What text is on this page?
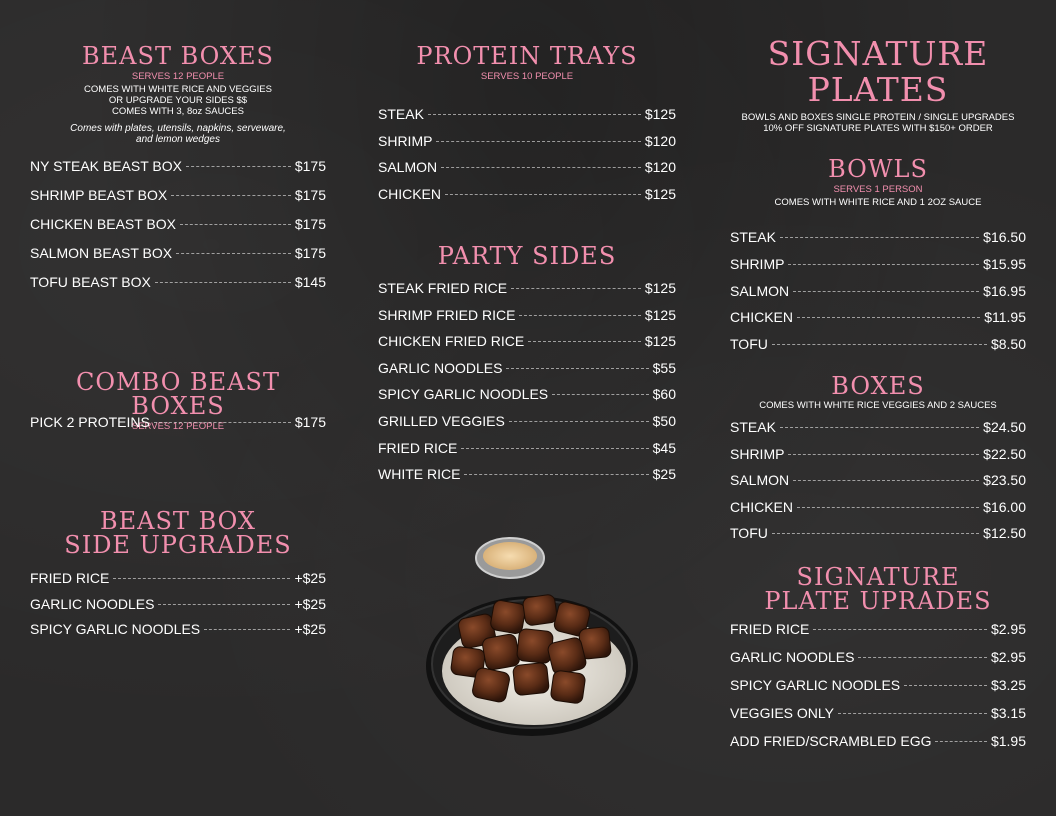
BEAST BOXES
SERVES 12 PEOPLE
COMES WITH WHITE RICE AND VEGGIES
OR UPGRADE YOUR SIDES $$
COMES WITH 3, 8oz SAUCES
Comes with plates, utensils, napkins, serveware, and lemon wedges
NY STEAK BEAST BOX	$175
SHRIMP BEAST BOX	$175
CHICKEN BEAST BOX	$175
SALMON BEAST BOX	$175
TOFU BEAST BOX	$145
COMBO BEAST BOXES
SERVES 12 PEOPLE
PICK 2 PROTEINS	$175
BEAST BOX
SIDE UPGRADES
FRIED RICE	+$25
GARLIC NOODLES	+$25
SPICY GARLIC NOODLES	+$25
PROTEIN TRAYS
SERVES 10 PEOPLE
STEAK	$125
SHRIMP	$120
SALMON	$120
CHICKEN	$125
PARTY SIDES
STEAK FRIED RICE	$125
SHRIMP FRIED RICE	$125
CHICKEN FRIED RICE	$125
GARLIC NOODLES	$55
SPICY GARLIC NOODLES	$60
GRILLED VEGGIES	$50
FRIED RICE	$45
WHITE RICE	$25
SIGNATURE
PLATES
BOWLS AND BOXES SINGLE PROTEIN / SINGLE UPGRADES
10% OFF SIGNATURE PLATES WITH $150+ ORDER
BOWLS
SERVES 1 PERSON
COMES WITH WHITE RICE AND 1 2OZ SAUCE
STEAK	$16.50
SHRIMP	$15.95
SALMON	$16.95
CHICKEN	$11.95
TOFU	$8.50
BOXES
COMES WITH WHITE RICE VEGGIES AND 2 SAUCES
STEAK	$24.50
SHRIMP	$22.50
SALMON	$23.50
CHICKEN	$16.00
TOFU	$12.50
SIGNATURE
PLATE UPRADES
FRIED RICE	$2.95
GARLIC NOODLES	$2.95
SPICY GARLIC NOODLES	$3.25
VEGGIES ONLY	$3.15
ADD FRIED/SCRAMBLED EGG	$1.95
